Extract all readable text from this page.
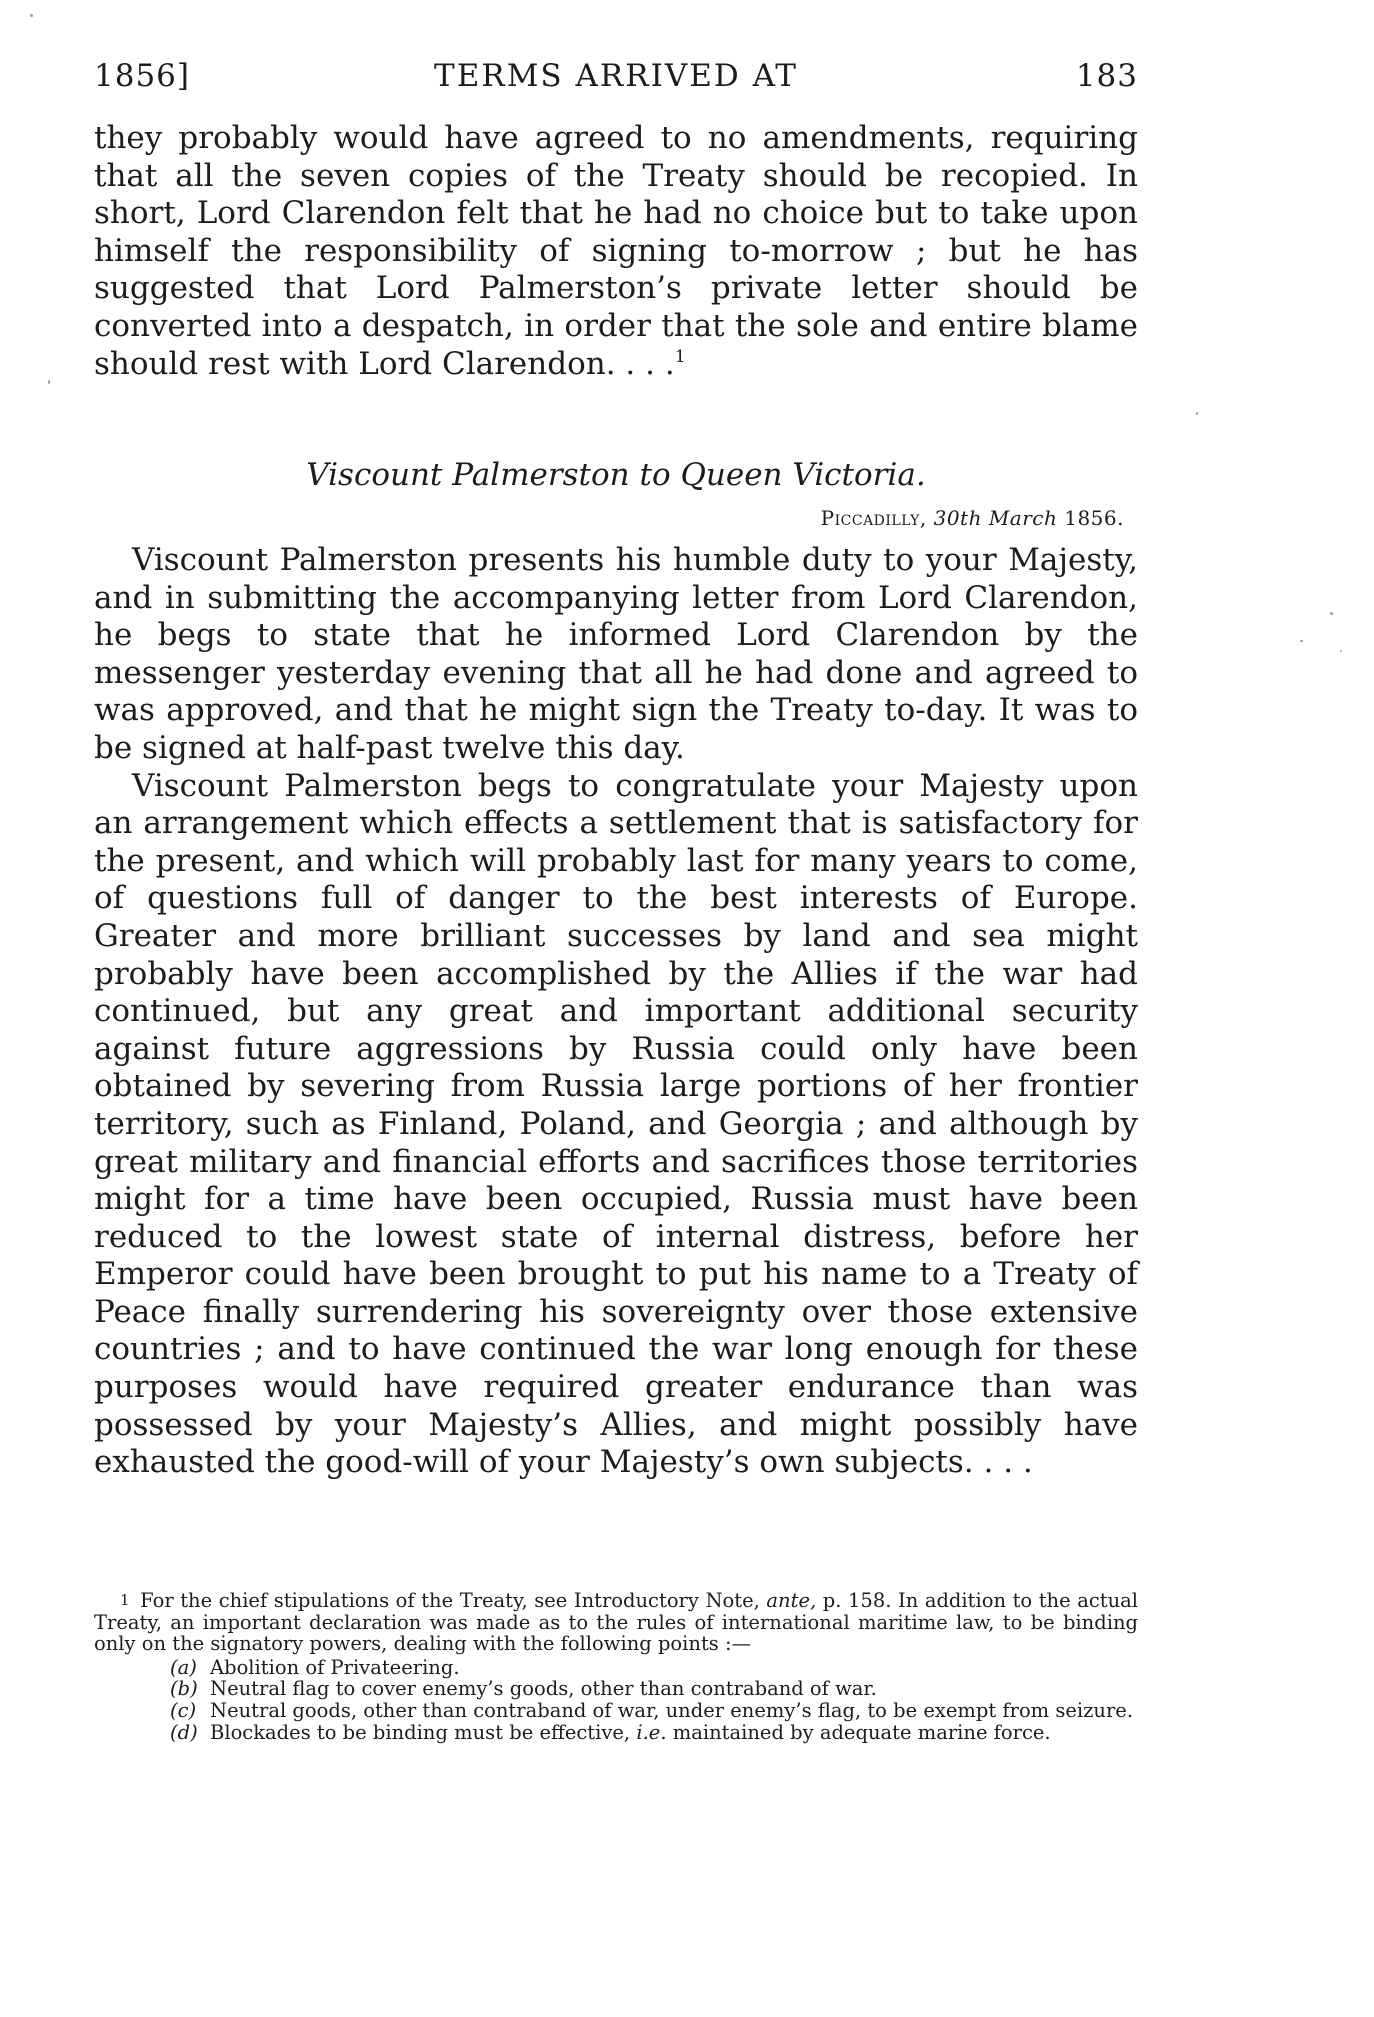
1856]	TERMS ARRIVED AT	183

they probably would have agreed to no amendments, requiring that all the seven copies of the Treaty should be recopied. In short, Lord Clarendon felt that he had no choice but to take upon himself the responsibility of signing to-morrow ; but he has suggested that Lord Palmerston’s private letter should be converted into a despatch, in order that the sole and entire blame should rest with Lord Clarendon. . . .$^1$

Viscount Palmerston to Queen Victoria.
Piccadilly, 30th March 1856.

Viscount Palmerston presents his humble duty to your Majesty, and in submitting the accompanying letter from Lord Clarendon, he begs to state that he informed Lord Clarendon by the messenger yesterday evening that all he had done and agreed to was approved, and that he might sign the Treaty to-day. It was to be signed at half-past twelve this day.

Viscount Palmerston begs to congratulate your Majesty upon an arrangement which effects a settlement that is satisfactory for the present, and which will probably last for many years to come, of questions full of danger to the best interests of Europe. Greater and more brilliant successes by land and sea might probably have been accomplished by the Allies if the war had continued, but any great and important additional security against future aggressions by Russia could only have been obtained by severing from Russia large portions of her frontier territory, such as Finland, Poland, and Georgia ; and although by great military and financial efforts and sacrifices those territories might for a time have been occupied, Russia must have been reduced to the lowest state of internal distress, before her Emperor could have been brought to put his name to a Treaty of Peace finally surrendering his sovereignty over those extensive countries ; and to have continued the war long enough for these purposes would have required greater endurance than was possessed by your Majesty’s Allies, and might possibly have exhausted the good-will of your Majesty’s own subjects. . . .

1 For the chief stipulations of the Treaty, see Introductory Note, ante, p. 158. In addition to the actual Treaty, an important declaration was made as to the rules of international maritime law, to be binding only on the signatory powers, dealing with the following points :—

(a) Abolition of Privateering.
(b) Neutral flag to cover enemy’s goods, other than contraband of war.
(c) Neutral goods, other than contraband of war, under enemy’s flag, to be exempt from seizure.
(d) Blockades to be binding must be effective, i.e. maintained by adequate marine force.
